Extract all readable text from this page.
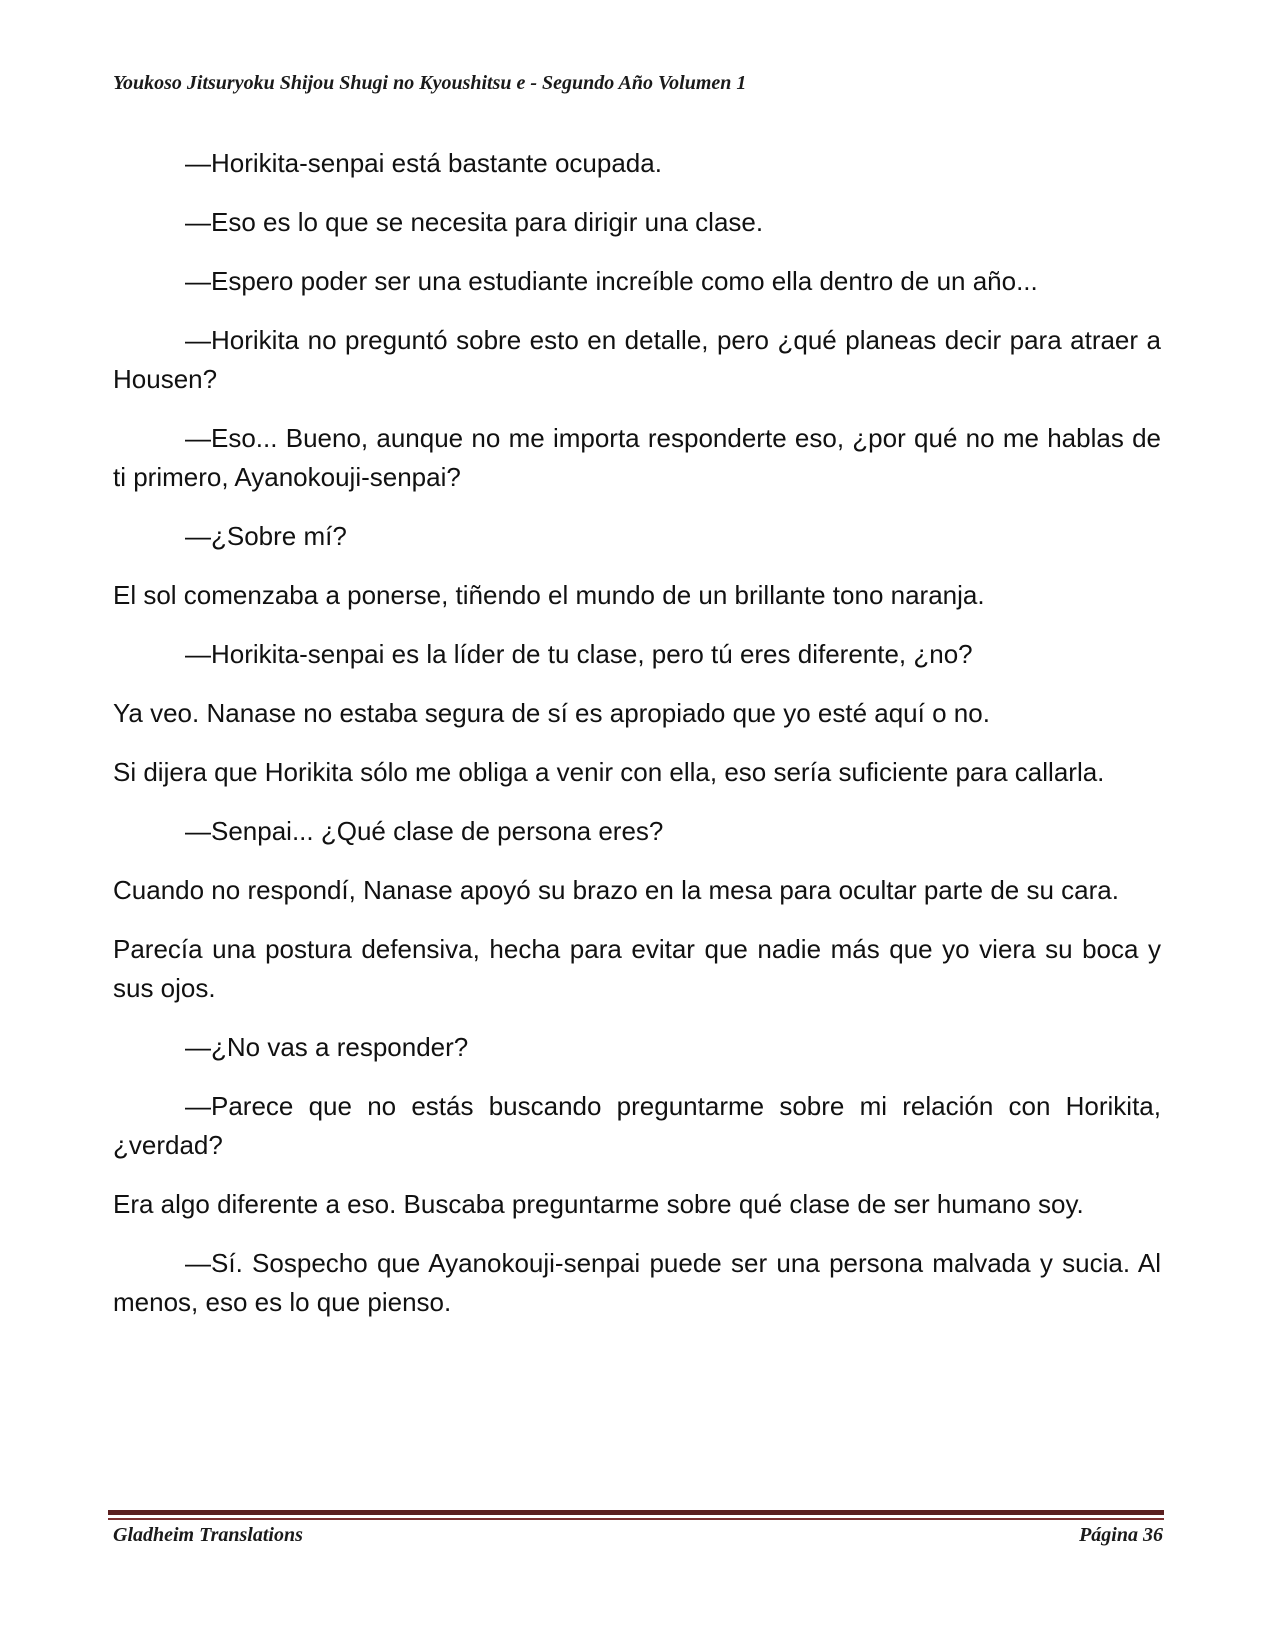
Youkoso Jitsuryoku Shijou Shugi no Kyoushitsu e - Segundo Año Volumen 1

—Horikita-senpai está bastante ocupada.

—Eso es lo que se necesita para dirigir una clase.

—Espero poder ser una estudiante increíble como ella dentro de un año...

—Horikita no preguntó sobre esto en detalle, pero ¿qué planeas decir para atraer a Housen?

—Eso... Bueno, aunque no me importa responderte eso, ¿por qué no me hablas de ti primero, Ayanokouji-senpai?

—¿Sobre mí?

El sol comenzaba a ponerse, tiñendo el mundo de un brillante tono naranja.

—Horikita-senpai es la líder de tu clase, pero tú eres diferente, ¿no?

Ya veo. Nanase no estaba segura de sí es apropiado que yo esté aquí o no.

Si dijera que Horikita sólo me obliga a venir con ella, eso sería suficiente para callarla.

—Senpai... ¿Qué clase de persona eres?

Cuando no respondí, Nanase apoyó su brazo en la mesa para ocultar parte de su cara.

Parecía una postura defensiva, hecha para evitar que nadie más que yo viera su boca y sus ojos.

—¿No vas a responder?

—Parece que no estás buscando preguntarme sobre mi relación con Horikita, ¿verdad?

Era algo diferente a eso. Buscaba preguntarme sobre qué clase de ser humano soy.

—Sí. Sospecho que Ayanokouji-senpai puede ser una persona malvada y sucia. Al menos, eso es lo que pienso.

Gladheim Translations	Página 36
